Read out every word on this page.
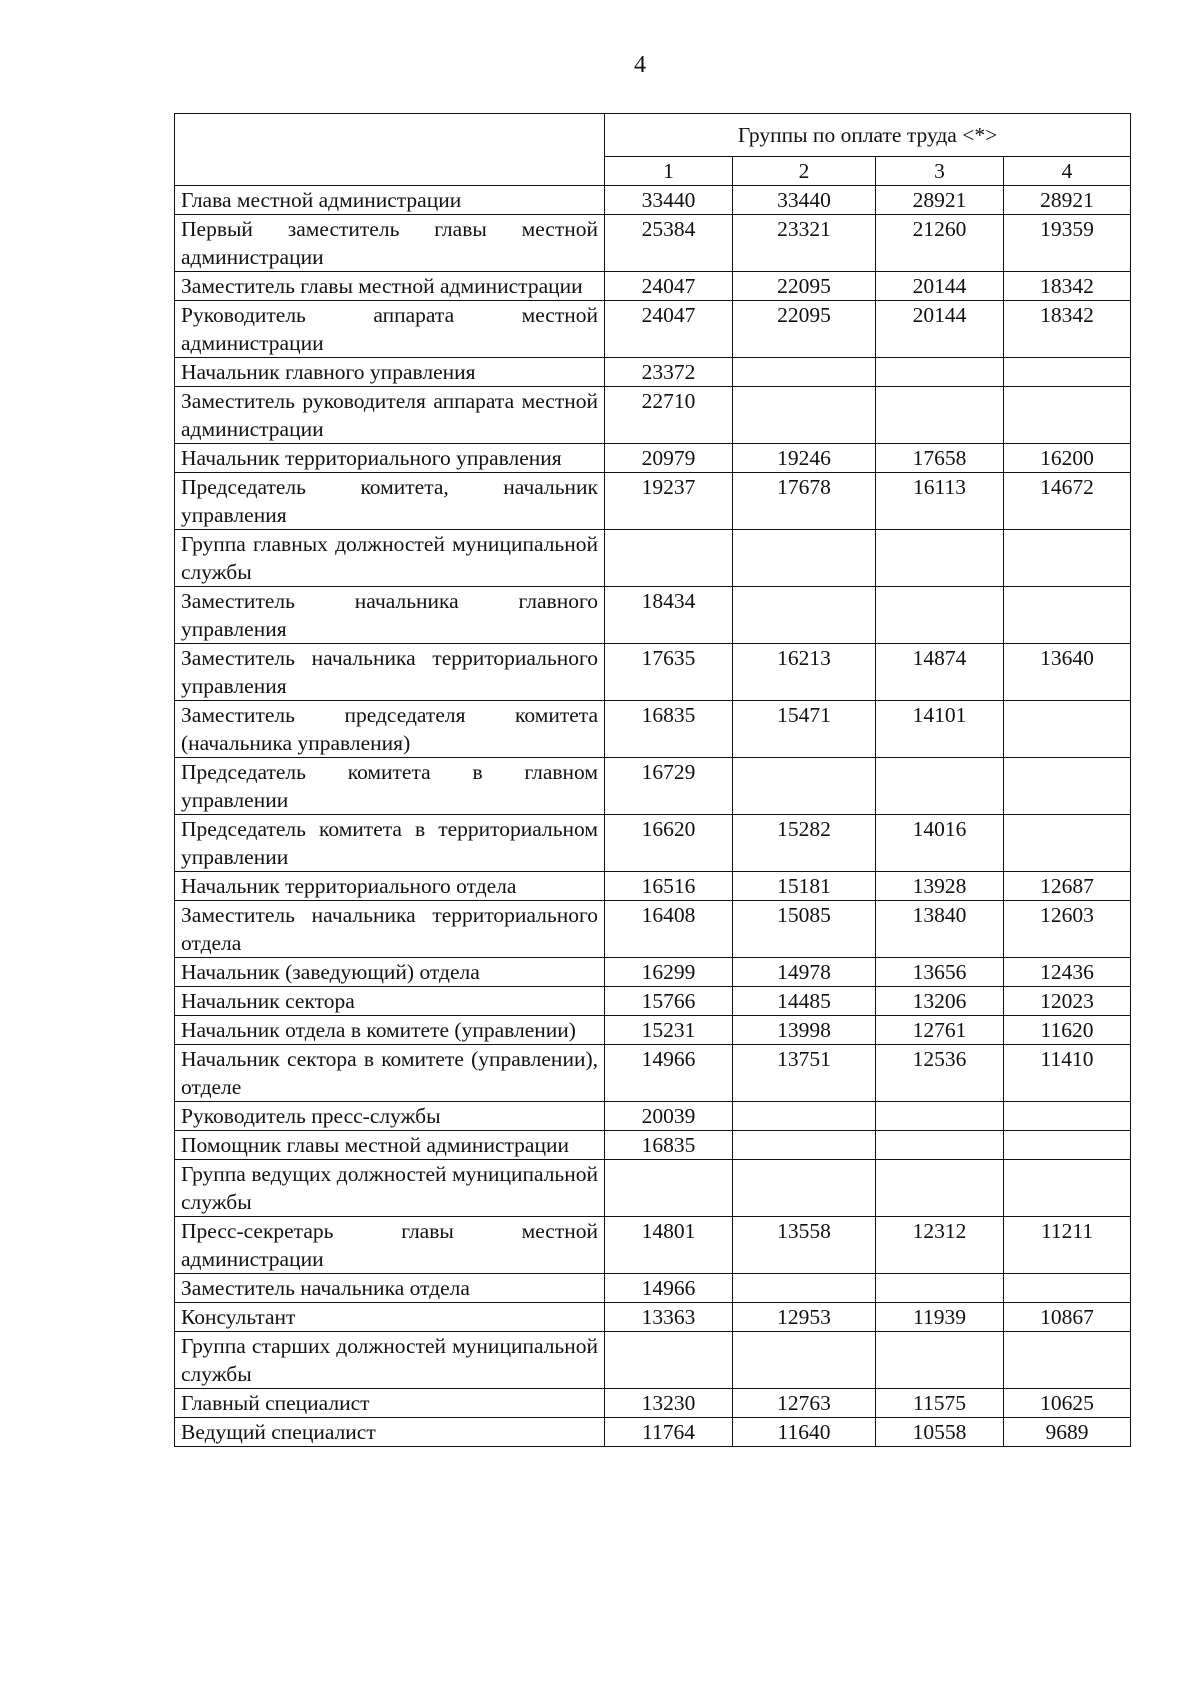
4
	Группы по оплате труда <*>			
	1	2	3	4
Глава местной администрации	33440	33440	28921	28921
Первый заместитель главы местной администрации	25384	23321	21260	19359
Заместитель главы местной администрации	24047	22095	20144	18342
Руководитель аппарата местной администрации	24047	22095	20144	18342
Начальник главного управления	23372			
Заместитель руководителя аппарата местной администрации	22710			
Начальник территориального управления	20979	19246	17658	16200
Председатель комитета, начальник управления	19237	17678	16113	14672
Группа главных должностей муниципальной службы				
Заместитель начальника главного управления	18434			
Заместитель начальника территориального управления	17635	16213	14874	13640
Заместитель председателя комитета (начальника управления)	16835	15471	14101	
Председатель комитета в главном управлении	16729			
Председатель комитета в территориальном управлении	16620	15282	14016	
Начальник территориального отдела	16516	15181	13928	12687
Заместитель начальника территориального отдела	16408	15085	13840	12603
Начальник (заведующий) отдела	16299	14978	13656	12436
Начальник сектора	15766	14485	13206	12023
Начальник отдела в комитете (управлении)	15231	13998	12761	11620
Начальник сектора в комитете (управлении), отделе	14966	13751	12536	11410
Руководитель пресс-службы	20039			
Помощник главы местной администрации	16835			
Группа ведущих должностей муниципальной службы				
Пресс-секретарь главы местной администрации	14801	13558	12312	11211
Заместитель начальника отдела	14966			
Консультант	13363	12953	11939	10867
Группа старших должностей муниципальной службы				
Главный специалист	13230	12763	11575	10625
Ведущий специалист	11764	11640	10558	9689
